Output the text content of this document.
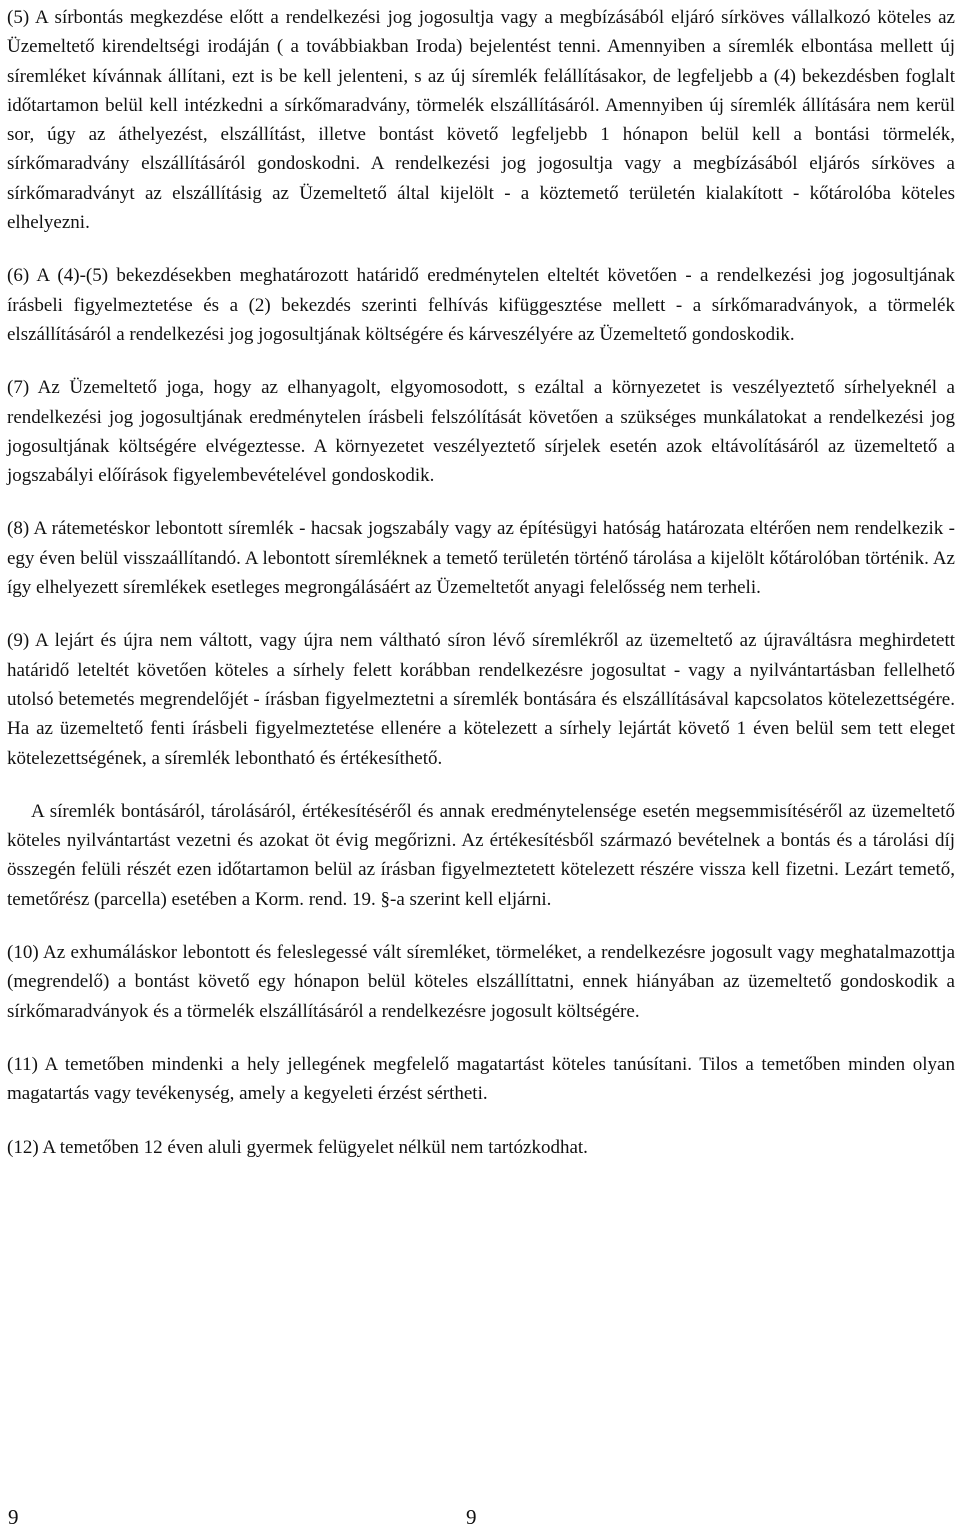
(5) A sírbontás megkezdése előtt a rendelkezési jog jogosultja vagy a megbízásából eljáró sírköves vállalkozó köteles az Üzemeltető kirendeltségi irodáján ( a továbbiakban Iroda) bejelentést tenni. Amennyiben a síremlék elbontása mellett új síremléket kívánnak állítani, ezt is be kell jelenteni, s az új síremlék felállításakor, de legfeljebb a (4) bekezdésben foglalt időtartamon belül kell intézkedni a sírkőmaradvány, törmelék elszállításáról. Amennyiben új síremlék állítására nem kerül sor, úgy az áthelyezést, elszállítást, illetve bontást követő legfeljebb 1 hónapon belül kell a bontási törmelék, sírkőmaradvány elszállításáról gondoskodni. A rendelkezési jog jogosultja vagy a megbízásából eljárós sírköves a sírkőmaradványt az elszállításig az Üzemeltető által kijelölt - a köztemető területén kialakított - kőtárolóba köteles elhelyezni.

(6) A (4)-(5) bekezdésekben meghatározott határidő eredménytelen elteltét követően - a rendelkezési jog jogosultjának írásbeli figyelmeztetése és a (2) bekezdés szerinti felhívás kifüggesztése mellett - a sírkőmaradványok, a törmelék elszállításáról a rendelkezési jog jogosultjának költségére és kárveszélyére az Üzemeltető gondoskodik.

(7) Az Üzemeltető joga, hogy az elhanyagolt, elgyomosodott, s ezáltal a környezetet is veszélyeztető sírhelyeknél a rendelkezési jog jogosultjának eredménytelen írásbeli felszólítását követően a szükséges munkálatokat a rendelkezési jog jogosultjának költségére elvégeztesse. A környezetet veszélyeztető sírjelek esetén azok eltávolításáról az üzemeltető a jogszabályi előírások figyelembevételével gondoskodik.

(8) A rátemetéskor lebontott síremlék - hacsak jogszabály vagy az építésügyi hatóság határozata eltérően nem rendelkezik - egy éven belül visszaállítandó. A lebontott síremléknek a temető területén történő tárolása a kijelölt kőtárolóban történik. Az így elhelyezett síremlékek esetleges megrongálásáért az Üzemeltetőt anyagi felelősség nem terheli.

(9) A lejárt és újra nem váltott, vagy újra nem váltható síron lévő síremlékről az üzemeltető az újraváltásra meghirdetett határidő leteltét követően köteles a sírhely felett korábban rendelkezésre jogosultat - vagy a nyilvántartásban fellelhető utolsó betemetés megrendelőjét - írásban figyelmeztetni a síremlék bontására és elszállításával kapcsolatos kötelezettségére. Ha az üzemeltető fenti írásbeli figyelmeztetése ellenére a kötelezett a sírhely lejártát követő 1 éven belül sem tett eleget kötelezettségének, a síremlék lebontható és értékesíthető.

A síremlék bontásáról, tárolásáról, értékesítéséről és annak eredménytelensége esetén megsemmisítéséről az üzemeltető köteles nyilvántartást vezetni és azokat öt évig megőrizni. Az értékesítésből származó bevételnek a bontás és a tárolási díj összegén felüli részét ezen időtartamon belül az írásban figyelmeztetett kötelezett részére vissza kell fizetni. Lezárt temető, temetőrész (parcella) esetében a Korm. rend. 19. §-a szerint kell eljárni.

(10) Az exhumáláskor lebontott és feleslegessé vált síremléket, törmeléket, a rendelkezésre jogosult vagy meghatalmazottja (megrendelő) a bontást követő egy hónapon belül köteles elszállíttatni, ennek hiányában az üzemeltető gondoskodik a sírkőmaradványok és a törmelék elszállításáról a rendelkezésre jogosult költségére.

(11) A temetőben mindenki a hely jellegének megfelelő magatartást köteles tanúsítani. Tilos a temetőben minden olyan magatartás vagy tevékenység, amely a kegyeleti érzést sértheti.

(12) A temetőben 12 éven aluli gyermek felügyelet nélkül nem tartózkodhat.

9	9
